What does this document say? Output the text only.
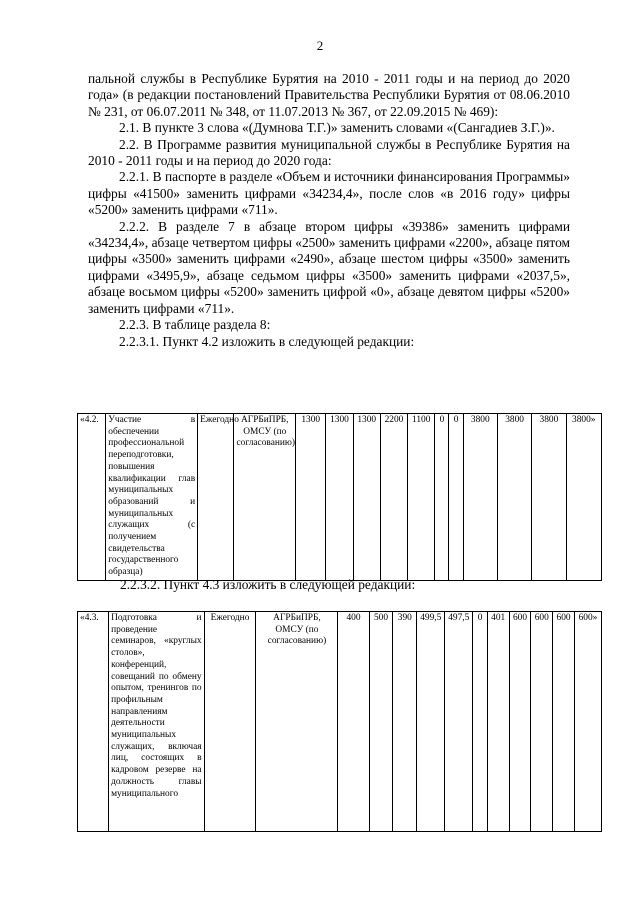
2

пальной службы в Республике Бурятия на 2010 - 2011 годы и на период до 2020 года» (в редакции постановлений Правительства Республики Бурятия от 08.06.2010 № 231, от 06.07.2011 № 348, от 11.07.2013 № 367, от 22.09.2015 № 469):

2.1. В пункте 3 слова «(Думнова Т.Г.)» заменить словами «(Сангадиев З.Г.)».

2.2. В Программе развития муниципальной службы в Республике Бурятия на 2010 - 2011 годы и на период до 2020 года:

2.2.1. В паспорте в разделе «Объем и источники финансирования Программы» цифры «41500» заменить цифрами «34234,4», после слов «в 2016 году» цифры «5200» заменить цифрами «711».

2.2.2. В разделе 7 в абзаце втором цифры «39386» заменить цифрами «34234,4», абзаце четвертом цифры «2500» заменить цифрами «2200», абзаце пятом цифры «3500» заменить цифрами «2490», абзаце шестом цифры «3500» заменить цифрами «3495,9», абзаце седьмом цифры «3500» заменить цифрами «2037,5», абзаце восьмом цифры «5200» заменить цифрой «0», абзаце девятом цифры «5200» заменить цифрами «711».

2.2.3. В таблице раздела 8:

2.2.3.1. Пункт 4.2 изложить в следующей редакции:

«4.2.	Участие в обеспечении профессиональной переподготовки, повышения квалификации глав муниципальных образований и муниципальных служащих (с получением свидетельства государственного образца)	Ежегодно	АГРБиПРБ, ОМСУ (по согласованию)	1300	1300	1300	2200	1100	0	0	3800	3800	3800	3800»
2.2.3.2. Пункт 4.3 изложить в следующей редакции:
«4.3.	Подготовка и проведение семинаров, «круглых столов», конференций, совещаний по обмену опытом, тренингов по профильным направлениям деятельности муниципальных служащих, включая лиц, состоящих в кадровом резерве на должность главы муниципального	Ежегодно	АГРБиПРБ, ОМСУ (по согласованию)	400	500	390	499,5	497,5	0	401	600	600	600	600»
